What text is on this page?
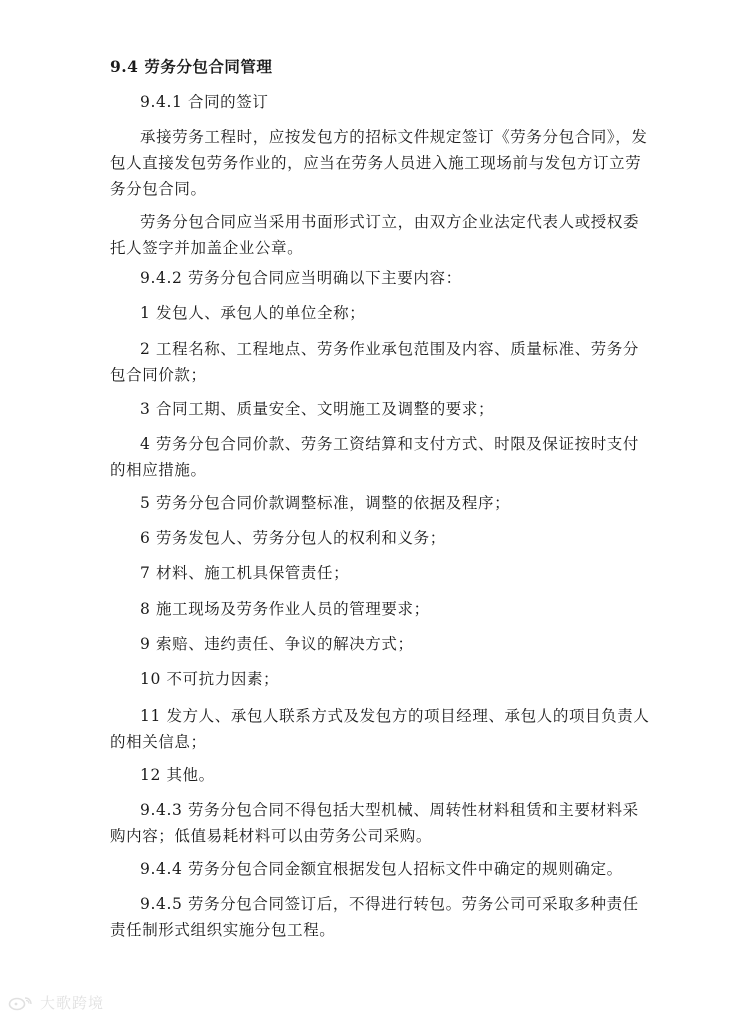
9.4 劳务分包合同管理

9.4.1 合同的签订

承接劳务工程时，应按发包方的招标文件规定签订《劳务分包合同》，发包人直接发包劳务作业的，应当在劳务人员进入施工现场前与发包方订立劳务分包合同。

劳务分包合同应当采用书面形式订立，由双方企业法定代表人或授权委托人签字并加盖企业公章。

9.4.2 劳务分包合同应当明确以下主要内容：

1 发包人、承包人的单位全称；

2 工程名称、工程地点、劳务作业承包范围及内容、质量标准、劳务分包合同价款；

3 合同工期、质量安全、文明施工及调整的要求；

4 劳务分包合同价款、劳务工资结算和支付方式、时限及保证按时支付的相应措施。

5 劳务分包合同价款调整标准，调整的依据及程序；

6 劳务发包人、劳务分包人的权利和义务；

7 材料、施工机具保管责任；

8 施工现场及劳务作业人员的管理要求；

9 索赔、违约责任、争议的解决方式；

10 不可抗力因素；

11 发方人、承包人联系方式及发包方的项目经理、承包人的项目负责人的相关信息；

12 其他。

9.4.3 劳务分包合同不得包括大型机械、周转性材料租赁和主要材料采购内容；低值易耗材料可以由劳务公司采购。

9.4.4 劳务分包合同金额宜根据发包人招标文件中确定的规则确定。

9.4.5 劳务分包合同签订后，不得进行转包。劳务公司可采取多种责任责任制形式组织实施分包工程。

大歌跨境
